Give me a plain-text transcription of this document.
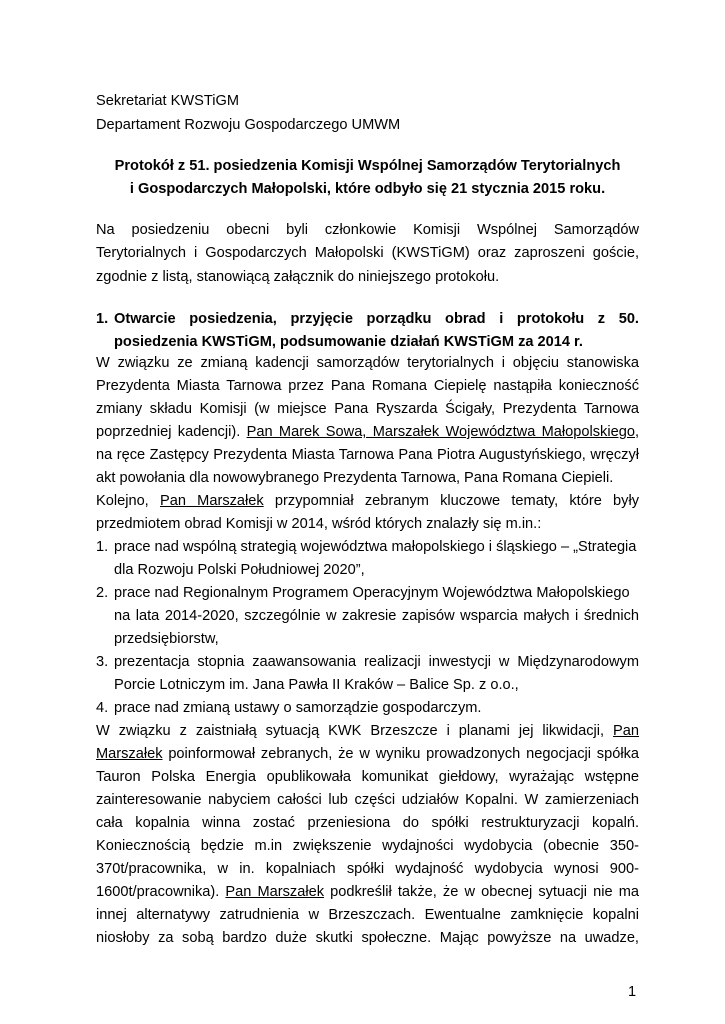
Sekretariat KWSTiGM
Departament Rozwoju Gospodarczego UMWM
Protokół z 51. posiedzenia Komisji Wspólnej Samorządów Terytorialnych
i Gospodarczych Małopolski, które odbyło się 21 stycznia 2015 roku.
Na posiedzeniu obecni byli członkowie Komisji Wspólnej Samorządów
Terytorialnych i Gospodarczych Małopolski (KWSTiGM) oraz zaproszeni goście,
zgodnie z listą, stanowiącą załącznik do niniejszego protokołu.
1. Otwarcie posiedzenia, przyjęcie porządku obrad i protokołu z 50.
posiedzenia KWSTiGM, podsumowanie działań KWSTiGM za 2014 r.
W związku ze zmianą kadencji samorządów terytorialnych i objęciu stanowiska
Prezydenta Miasta Tarnowa przez Pana Romana Ciepielę nastąpiła konieczność
zmiany składu Komisji (w miejsce Pana Ryszarda Ścigały, Prezydenta Tarnowa
poprzedniej kadencji). Pan Marek Sowa, Marszałek Województwa Małopolskiego,
na ręce Zastępcy Prezydenta Miasta Tarnowa Pana Piotra Augustyńskiego, wręczył
akt powołania dla nowowybranego Prezydenta Tarnowa, Pana Romana Ciepieli.
Kolejno, Pan Marszałek przypomniał zebranym kluczowe tematy, które były
przedmiotem obrad Komisji w 2014, wśród których znalazły się m.in.:
1. prace nad wspólną strategią województwa małopolskiego i śląskiego – „Strategia
dla Rozwoju Polski Południowej 2020”,
2. prace nad Regionalnym Programem Operacyjnym Województwa Małopolskiego
na lata 2014-2020, szczególnie w zakresie zapisów wsparcia małych i średnich
przedsiębiorstw,
3. prezentacja stopnia zaawansowania realizacji inwestycji w Międzynarodowym
Porcie Lotniczym im. Jana Pawła II Kraków – Balice Sp. z o.o.,
4. prace nad zmianą ustawy o samorządzie gospodarczym.
W związku z zaistniałą sytuacją KWK Brzeszcze i planami jej likwidacji, Pan
Marszałek poinformował zebranych, że w wyniku prowadzonych negocjacji spółka
Tauron Polska Energia opublikowała komunikat giełdowy, wyrażając wstępne
zainteresowanie nabyciem całości lub części udziałów Kopalni. W zamierzeniach
cała kopalnia winna zostać przeniesiona do spółki restrukturyzacji kopalń.
Koniecznością będzie m.in zwiększenie wydajności wydobycia (obecnie 350-
370t/pracownika, w in. kopalniach spółki wydajność wydobycia wynosi 900-
1600t/pracownika). Pan Marszałek podkreślił także, że w obecnej sytuacji nie ma
innej alternatywy zatrudnienia w Brzeszczach. Ewentualne zamknięcie kopalni
niosłoby za sobą bardzo duże skutki społeczne. Mając powyższe na uwadze,
1
